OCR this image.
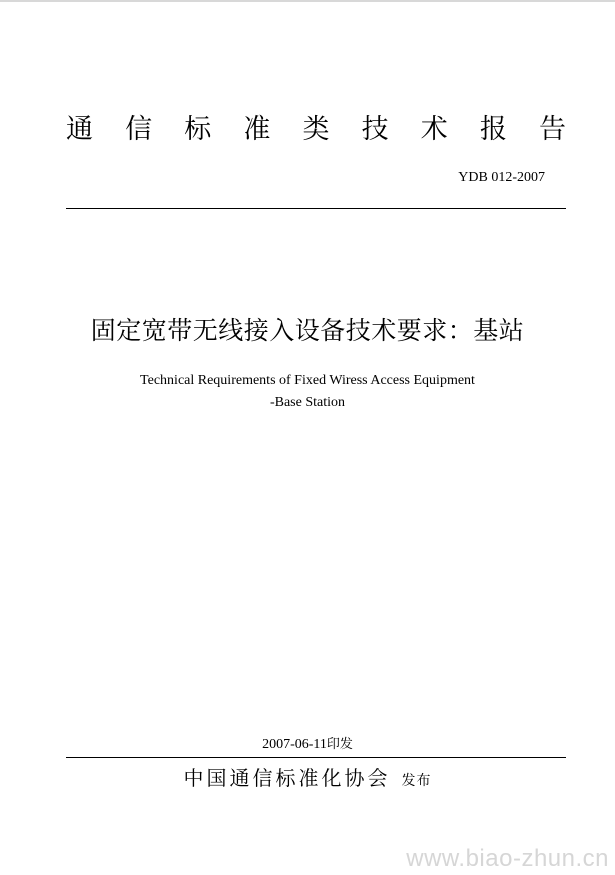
通 信 标 准 类 技 术 报 告
YDB 012-2007
固定宽带无线接入设备技术要求：基站
Technical Requirements of Fixed Wiress Access Equipment
-Base Station
2007-06-11印发
中国通信标准化协会 发布
www.biao-zhun.cn
